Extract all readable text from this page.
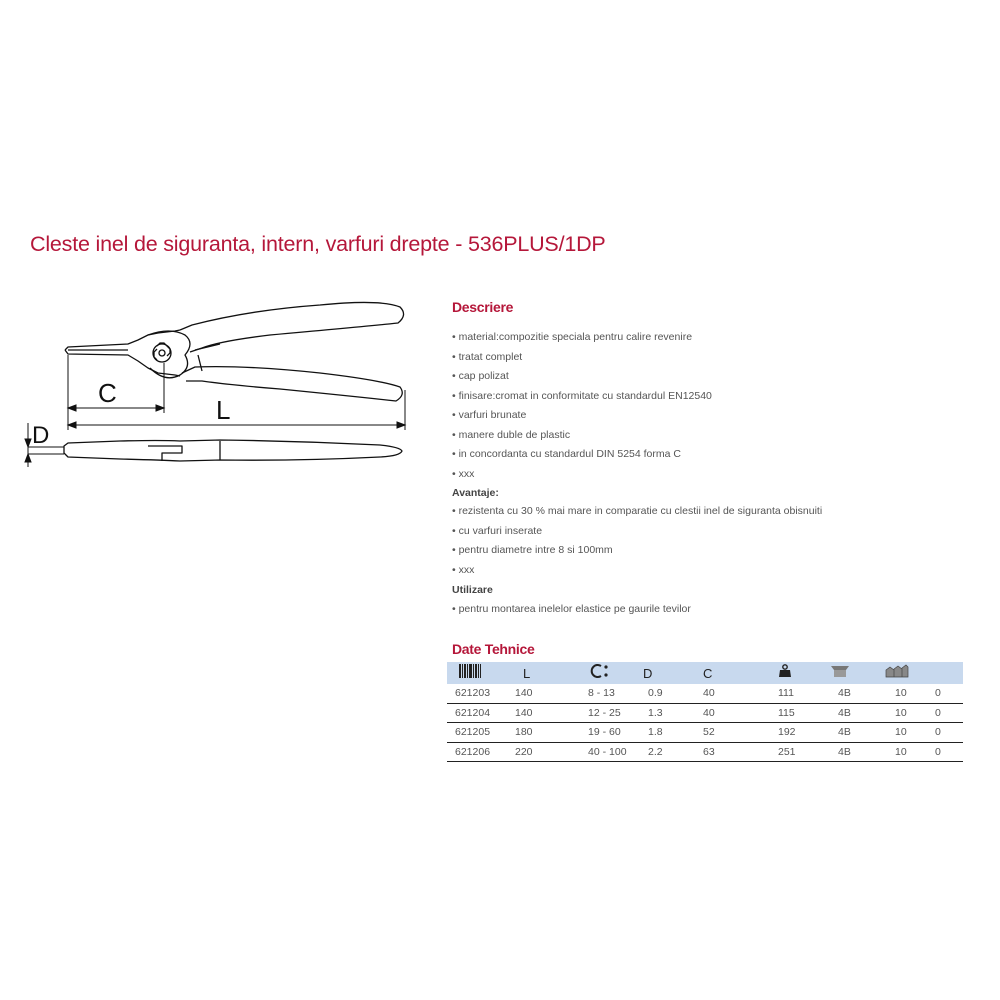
Cleste inel de siguranta, intern, varfuri drepte - 536PLUS/1DP
C
L
D
Descriere
• material:compozitie speciala pentru calire revenire
• tratat complet
• cap polizat
• finisare:cromat in conformitate cu standardul EN12540
• varfuri brunate
• manere duble de plastic
• in concordanta cu standardul DIN 5254 forma C
• xxx
Avantaje:
• rezistenta cu 30 % mai mare in comparatie cu clestii inel de siguranta obisnuiti
• cu varfuri inserate
• pentru diametre intre 8 si 100mm
• xxx
Utilizare
• pentru montarea inelelor elastice pe gaurile tevilor
Date Tehnice
	L		D	C				
621203	140	8 - 13	0.9	40	111	4B	10	0
621204	140	12 - 25	1.3	40	115	4B	10	0
621205	180	19 - 60	1.8	52	192	4B	10	0
621206	220	40 - 100	2.2	63	251	4B	10	0
